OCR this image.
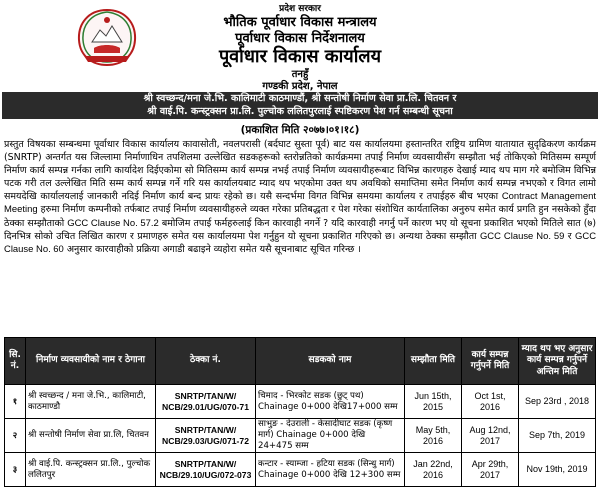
प्रदेश सरकार
भौतिक पूर्वाधार विकास मन्त्रालय
पूर्वाधार विकास निर्देशनालय
पूर्वाधार विकास कार्यालय
तनहुँ
गण्डकी प्रदेश, नेपाल
श्री स्वच्छन्द/मना जे.भि. कालिमाटी काठमाण्डौं, श्री सन्तोषी निर्माण सेवा प्रा.लि. चितवन र
श्री वाई.पि. कन्स्ट्रक्सन प्रा.लि. पुल्चोक ललितपुरलाई स्पष्टिकरण पेश गर्न सम्बन्धी सूचना
(प्रकाशित मिति २०७७।०१।१८)
प्रस्तुत विषयका सम्बन्धमा पूर्वाधार विकास कार्यालय कावासोती, नवलपरासी (बर्दघाट सुस्ता पूर्व) बाट यस कार्यालयमा हस्तान्तरित राष्ट्रिय ग्रामिण यातायात सुदृढिकरण कार्यक्रम (SNRTP) अन्तर्गत यस जिल्लामा निर्माणाधिन तपशिलमा उल्लेखित सडकहरूको स्तरोन्नतिको कार्यक्रममा तपाई निर्माण व्यवसायीसँग सम्झौता भई तोकिएको मितिसम्म सम्पूर्ण निर्माण कार्य सम्पन्न गर्नका लागि कार्यादेश दिईएकोमा सो मितिसम्म कार्य सम्पन्न नभई तपाई निर्माण व्यवसायीहरूबाट विभिन्न कारणहरु देखाई म्याद थप माग गरे बमोजिम विभिन्न पटक गरी तल उल्लेखित मिति सम्म कार्य सम्पन्न गर्ने गरि यस कार्यालयबाट म्याद थप भएकोमा उक्त थप अवधिको समाप्तिमा समेत निर्माण कार्य सम्पन्न नभएको र विगत लामो समयदेखि कार्यालयलाई जानकारी नदिई निर्माण कार्य बन्द प्रायः रहेको छ। यसै सन्दर्भमा विगत विभिन्न समयमा कार्यालय र तपाईहरु बीच भएका Contract Management Meeting हरुमा निर्माण कम्पनीको तर्फबाट तपाई निर्माण व्यवसायीहरुले व्यक्त गरेका प्रतिबद्धता र पेश गरेका संशोधित कार्यतालिका अनुरुप समेत कार्य प्रगति हुन नसकेको हुँदा ठेक्का सम्झौताको GCC Clause No. 57.2 बमोजिम तपाई फर्महरुलाई किन कारवाही नगर्ने ? यदि कारवाही नगर्नु पर्ने कारण भए यो सूचना प्रकाशित भएको मितिले सात (७) दिनभित्र सोको उचित लिखित कारण र प्रमाणहरु समेत यस कार्यालयमा पेश गर्नुहुन यो सूचना प्रकाशित गरिएको छ। अन्यथा ठेक्का सम्झौता GCC Clause No. 59 र GCC Clause No. 60 अनुसार कारवाहीको प्रक्रिया अगाडी बढाइने व्यहोरा समेत यसै सूचनाबाट सूचित गरिन्छ ।
सि. नं.	निर्माण व्यवसायीको नाम र ठेगाना	ठेक्का नं.	सडकको नाम	सम्झौता मिति	कार्य सम्पन्न गर्नुपर्ने मिति	म्याद थप भए अनुसार कार्य सम्पन्न गर्नुपर्ने अन्तिम मिति
१	श्री स्वच्छन्द / मना जे.भि., कालिमाटी, काठमाण्डौ	SNRTP/TAN/W/ NCB/29.01/UG/070-71	चिमाद - भिरकोट सडक (छुट्‍ पथ) Chainage 0+000 देखि17+000 सम्म	Jun 15th, 2015	Oct 1st, 2016	Sep 23rd , 2018
२	श्री सन्तोषी निर्माण सेवा प्रा.लि, चितवन	SNRTP/TAN/W/ NCB/29.03/UG/071-72	साभुङ - देउराली - केसादीघाट सडक (कृष्ण मार्ग) Chainage 0+000 देखि 24+475 सम्म	May 5th, 2016	Aug 12nd, 2017	Sep 7th, 2019
३	श्री वाई.पि. कन्स्ट्रक्सन प्रा.लि., पुल्चोक ललितपुर	SNRTP/TAN/W/ NCB/29.10/UG/072-073	कन्टार - स्याम्जा - हटिया सडक (सिन्धु मार्ग) Chainage 0+000 देखि 12+300 सम्म	Jan 22nd, 2016	Apr 29th, 2017	Nov 19th, 2019
